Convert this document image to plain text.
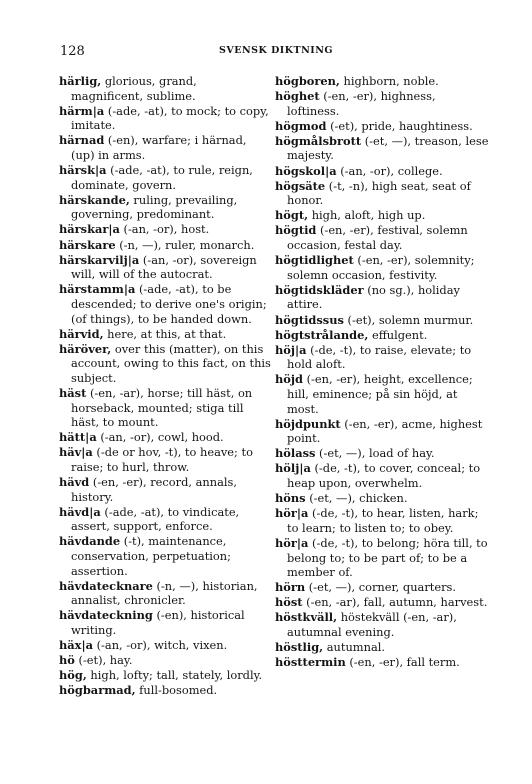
128	SVENSK DIKTNING

härlig, glorious, grand, magnificent, sublime.

härm|a (-ade, -at), to mock; to copy, imitate.

härnad (-en), warfare; i härnad, (up) in arms.

härsk|a (-ade, -at), to rule, reign, dominate, govern.

härskande, ruling, prevailing, governing, predominant.

härskar|a (-an, -or), host.

härskare (-n, —), ruler, monarch.

härskarvilj|a (-an, -or), sovereign will, will of the autocrat.

härstamm|a (-ade, -at), to be descended; to derive one's origin; (of things), to be handed down.

härvid, here, at this, at that.

häröver, over this (matter), on this account, owing to this fact, on this subject.

häst (-en, -ar), horse; till häst, on horseback, mounted; stiga till häst, to mount.

hätt|a (-an, -or), cowl, hood.

häv|a (-de or hov, -t), to heave; to raise; to hurl, throw.

hävd (-en, -er), record, annals, history.

hävd|a (-ade, -at), to vindicate, assert, support, enforce.

hävdande (-t), maintenance, conservation, perpetuation; assertion.

hävdatecknare (-n, —), historian, annalist, chronicler.

hävdateckning (-en), historical writing.

häx|a (-an, -or), witch, vixen.

hö (-et), hay.

hög, high, lofty; tall, stately, lordly.

högbarmad, full-bosomed.

högboren, highborn, noble.

höghet (-en, -er), highness, loftiness.

högmod (-et), pride, haughtiness.

högmålsbrott (-et, —), treason, lese majesty.

högskol|a (-an, -or), college.

högsäte (-t, -n), high seat, seat of honor.

högt, high, aloft, high up.

högtid (-en, -er), festival, solemn occasion, festal day.

högtidlighet (-en, -er), solemnity; solemn occasion, festivity.

högtidskläder (no sg.), holiday attire.

högtidssus (-et), solemn murmur.

högtstrålande, effulgent.

höj|a (-de, -t), to raise, elevate; to hold aloft.

höjd (-en, -er), height, excellence; hill, eminence; på sin höjd, at most.

höjdpunkt (-en, -er), acme, highest point.

hölass (-et, —), load of hay.

hölj|a (-de, -t), to cover, conceal; to heap upon, overwhelm.

höns (-et, —), chicken.

hör|a (-de, -t), to hear, listen, hark; to learn; to listen to; to obey.

hör|a (-de, -t), to belong; höra till, to belong to; to be part of; to be a member of.

hörn (-et, —), corner, quarters.

höst (-en, -ar), fall, autumn, harvest.

höstkväll, höstekväll (-en, -ar), autumnal evening.

höstlig, autumnal.

hösttermin (-en, -er), fall term.
